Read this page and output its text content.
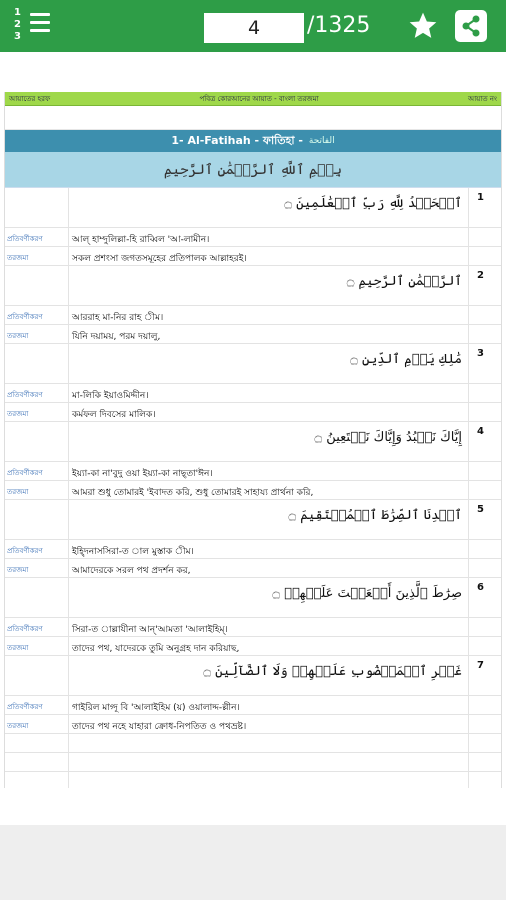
1
2
3
4	/1325
আয়াতের হরফ	পবিত্র কোরআনের আয়াত - বাংলা তরজমা	আয়াত নং
1- Al-Fatihah - ফাতিহা - الفاتحة
بِسۡمِ ٱللَّهِ ٱلرَّحۡمَٰنِ ٱلرَّحِيمِ
ٱلۡحَمۡدُ لِلَّهِ رَبِّ ٱلۡعَٰلَمِينَ ۝	1
প্রতিবর্ণীকরণ	আল্ হাম্দুলিল্লা-হি রাব্বিল 'আ-লামীন।
তরজমা	সকল প্রশংসা জগতসমূহের প্রতিপালক আল্লাহরই।
ٱلرَّحۡمَٰنِ ٱلرَّحِيمِ ۝	2
প্রতিবর্ণীকরণ	আররাহ মা-নির রাহ ীম।
তরজমা	যিনি দয়াময়, পরম দয়ালু,
مَٰلِكِ يَوۡمِ ٱلدِّينِ ۝	3
প্রতিবর্ণীকরণ	মা-লিকি ইয়াওমিদ্দীন।
তরজমা	কর্মফল দিবসের মালিক।
إِيَّاكَ نَعۡبُدُ وَإِيَّاكَ نَسۡتَعِينُ ۝	4
প্রতিবর্ণীকরণ	ইয়্যা-কা না'বুদু ওয়া ইয়্যা-কা নাছ্তা'ঈন।
তরজমা	আমরা শুধু তোমারই 'ইবাদত করি, শুধু তোমারই সাহায্য প্রার্থনা করি,
ٱهۡدِنَا ٱلصِّرَٰطَ ٱلۡمُسۡتَقِيمَ ۝	5
প্রতিবর্ণীকরণ	ইহ্দিনাসসিরা-ত াল মুস্তাক ীম।
তরজমা	আমাদেরকে সরল পথ প্রদর্শন কর,
صِرَٰطَ ٱلَّذِينَ أَنۡعَمۡتَ عَلَيۡهِمۡ ۝	6
প্রতিবর্ণীকরণ	সিরা-ত াল্লাযীনা আন্'আমতা 'আলাইহিম্।
তরজমা	তাদের পথ, যাদেরকে তুমি অনুগ্রহ দান করিয়াছ,
غَيۡرِ ٱلۡمَغۡضُوبِ عَلَيۡهِمۡ وَلَا ٱلضَّآلِّينَ ۝	7
প্রতিবর্ণীকরণ	গাইরিল মাগ্দূ বি 'আলাইহিম (য়) ওয়ালাদ্দ-ল্লীন।
তরজমা	তাদের পথ নহে যাহারা ক্রোধ-নিপতিত ও পথভ্রষ্ট।
